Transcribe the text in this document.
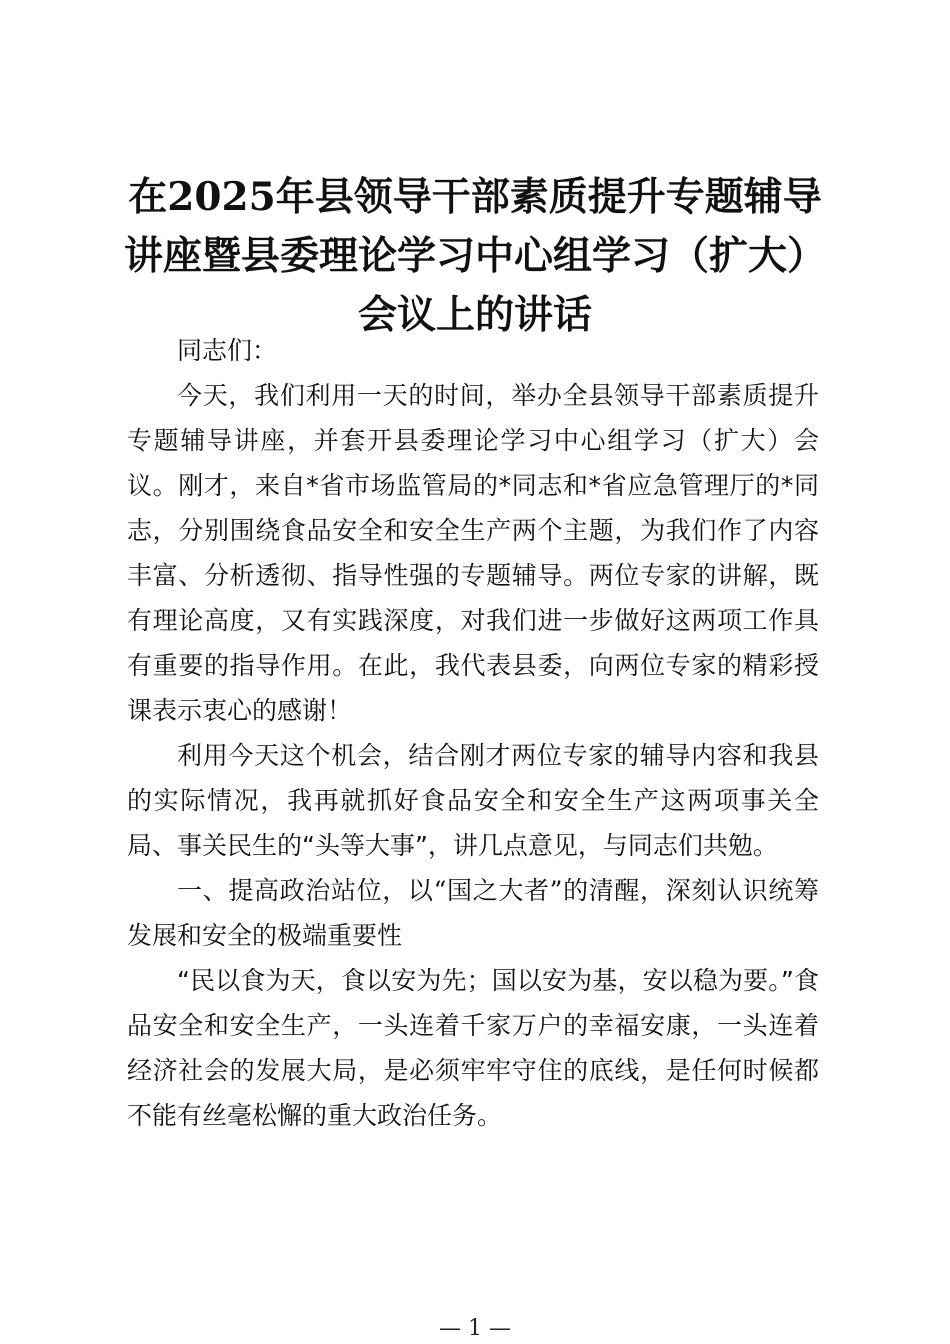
在2025年县领导干部素质提升专题辅导讲座暨县委理论学习中心组学习（扩大）会议上的讲话

同志们：

今天，我们利用一天的时间，举办全县领导干部素质提升专题辅导讲座，并套开县委理论学习中心组学习（扩大）会议。刚才，来自*省市场监管局的*同志和*省应急管理厅的*同志，分别围绕食品安全和安全生产两个主题，为我们作了内容丰富、分析透彻、指导性强的专题辅导。两位专家的讲解，既有理论高度，又有实践深度，对我们进一步做好这两项工作具有重要的指导作用。在此，我代表县委，向两位专家的精彩授课表示衷心的感谢！

利用今天这个机会，结合刚才两位专家的辅导内容和我县的实际情况，我再就抓好食品安全和安全生产这两项事关全局、事关民生的“头等大事”，讲几点意见，与同志们共勉。

一、提高政治站位，以“国之大者”的清醒，深刻认识统筹发展和安全的极端重要性

“民以食为天，食以安为先；国以安为基，安以稳为要。”食品安全和安全生产，一头连着千家万户的幸福安康，一头连着经济社会的发展大局，是必须牢牢守住的底线，是任何时候都不能有丝毫松懈的重大政治任务。

— 1 —
